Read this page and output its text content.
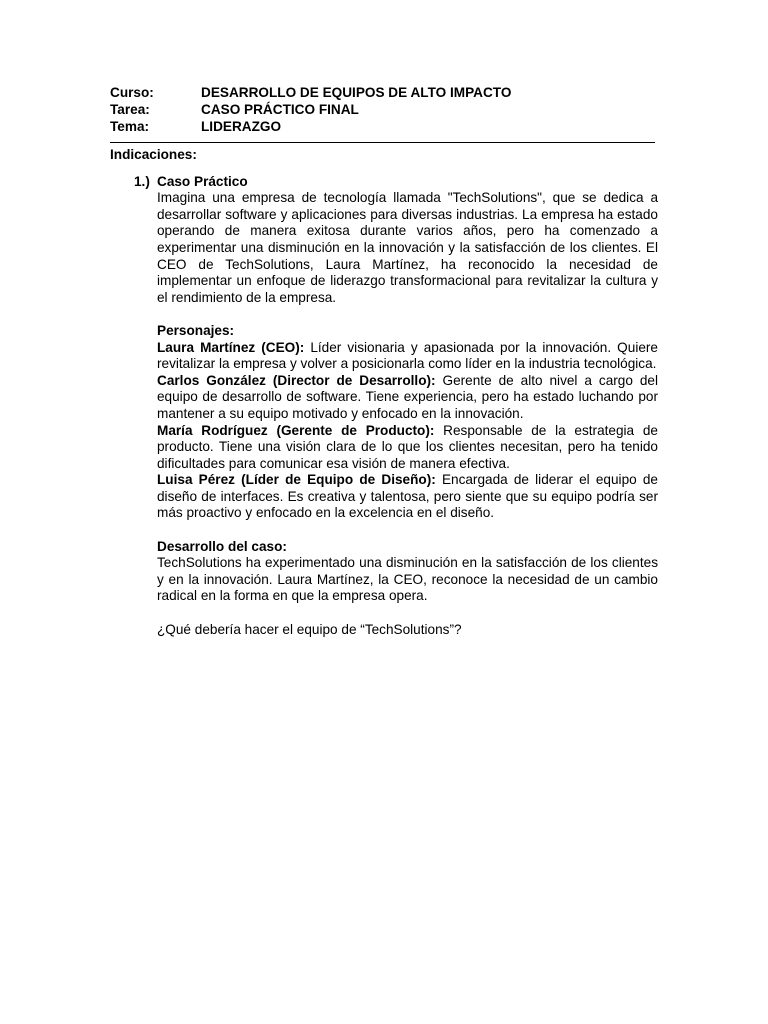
Curso:	DESARROLLO DE EQUIPOS DE ALTO IMPACTO
Tarea:	CASO PRÁCTICO FINAL
Tema:	LIDERAZGO
Indicaciones:
1.) Caso Práctico

Imagina una empresa de tecnología llamada "TechSolutions", que se dedica a desarrollar software y aplicaciones para diversas industrias. La empresa ha estado operando de manera exitosa durante varios años, pero ha comenzado a experimentar una disminución en la innovación y la satisfacción de los clientes. El CEO de TechSolutions, Laura Martínez, ha reconocido la necesidad de implementar un enfoque de liderazgo transformacional para revitalizar la cultura y el rendimiento de la empresa.

Personajes:

Laura Martínez (CEO): Líder visionaria y apasionada por la innovación. Quiere revitalizar la empresa y volver a posicionarla como líder en la industria tecnológica.

Carlos González (Director de Desarrollo): Gerente de alto nivel a cargo del equipo de desarrollo de software. Tiene experiencia, pero ha estado luchando por mantener a su equipo motivado y enfocado en la innovación.

María Rodríguez (Gerente de Producto): Responsable de la estrategia de producto. Tiene una visión clara de lo que los clientes necesitan, pero ha tenido dificultades para comunicar esa visión de manera efectiva.

Luisa Pérez (Líder de Equipo de Diseño): Encargada de liderar el equipo de diseño de interfaces. Es creativa y talentosa, pero siente que su equipo podría ser más proactivo y enfocado en la excelencia en el diseño.

Desarrollo del caso:

TechSolutions ha experimentado una disminución en la satisfacción de los clientes y en la innovación. Laura Martínez, la CEO, reconoce la necesidad de un cambio radical en la forma en que la empresa opera.

¿Qué debería hacer el equipo de “TechSolutions”?
